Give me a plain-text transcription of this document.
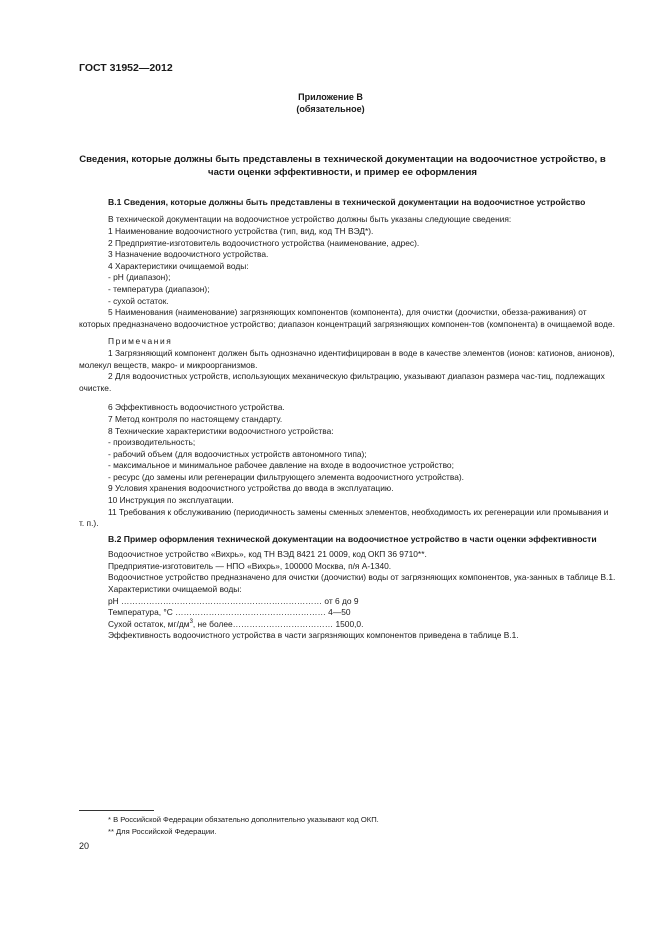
ГОСТ 31952—2012
Приложение В
(обязательное)
Сведения, которые должны быть представлены в технической документации на водоочистное устройство, в части оценки эффективности, и пример ее оформления
В.1 Сведения, которые должны быть представлены в технической документации на водоочистное устройство
В технической документации на водоочистное устройство должны быть указаны следующие сведения:
1 Наименование водоочистного устройства (тип, вид, код ТН ВЭД*).
2 Предприятие-изготовитель водоочистного устройства (наименование, адрес).
3 Назначение водоочистного устройства.
4 Характеристики очищаемой воды:
- рН (диапазон);
- температура (диапазон);
- сухой остаток.
5 Наименования (наименование) загрязняющих компонентов (компонента), для очистки (доочистки, обезза-раживания) от которых предназначено водоочистное устройство; диапазон концентраций загрязняющих компонен-тов (компонента) в очищаемой воде.
Примечания
1 Загрязняющий компонент должен быть однозначно идентифицирован в воде в качестве элементов (ионов: катионов, анионов), молекул веществ, макро- и микроорганизмов.
2 Для водоочистных устройств, использующих механическую фильтрацию, указывают диапазон размера час-тиц, подлежащих очистке.
6 Эффективность водоочистного устройства.
7 Метод контроля по настоящему стандарту.
8 Технические характеристики водоочистного устройства:
- производительность;
- рабочий объем (для водоочистных устройств автономного типа);
- максимальное и минимальное рабочее давление на входе в водоочистное устройство;
- ресурс (до замены или регенерации фильтрующего элемента водоочистного устройства).
9 Условия хранения водоочистного устройства до ввода в эксплуатацию.
10 Инструкция по эксплуатации.
11 Требования к обслуживанию (периодичность замены сменных элементов, необходимость их регенерации или промывания и т. п.).
В.2 Пример оформления технической документации на водоочистное устройство в части оценки эффективности
Водоочистное устройство «Вихрь», код ТН ВЭД 8421 21 0009, код ОКП 36 9710**.
Предприятие-изготовитель — НПО «Вихрь», 100000 Москва, п/я А-1340.
Водоочистное устройство предназначено для очистки (доочистки) воды от загрязняющих компонентов, ука-занных в таблице В.1.
Характеристики очищаемой воды:
рН ……………………………………………………………… от 6 до 9
Температура, °С ……………………………………………… 4—50
Сухой остаток, $мг/дм^3$, не более……………………………… 1500,0.
Эффективность водоочистного устройства в части загрязняющих компонентов приведена в таблице В.1.
* В Российской Федерации обязательно дополнительно указывают код ОКП.
** Для Российской Федерации.
20
